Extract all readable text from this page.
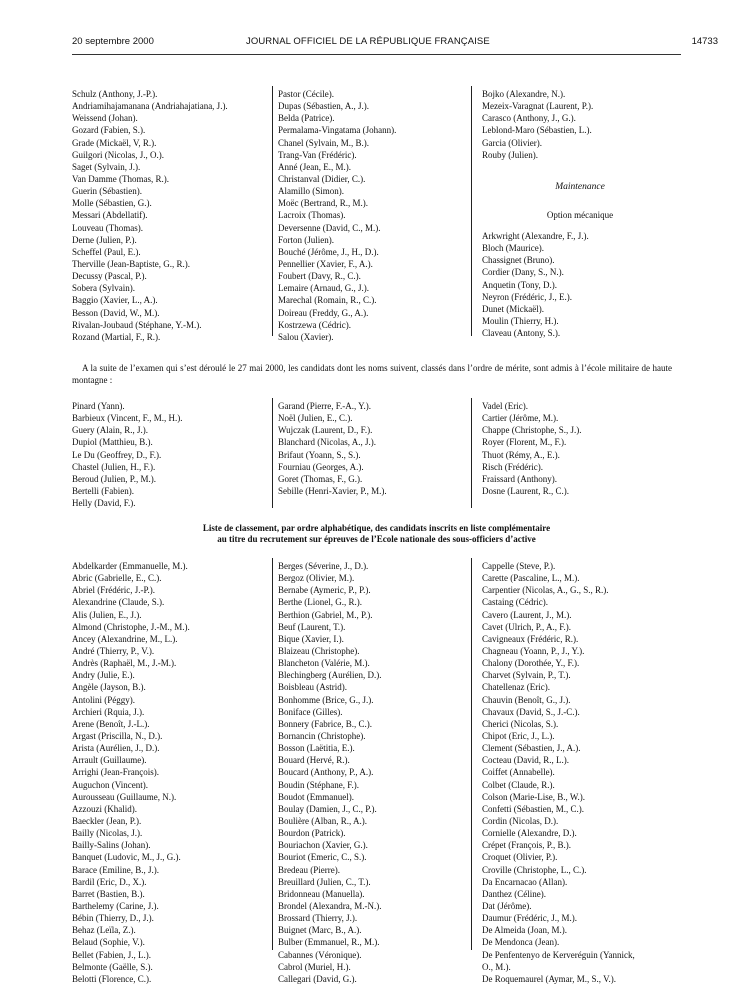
20 septembre 2000	JOURNAL OFFICIEL DE LA RÉPUBLIQUE FRANÇAISE	14733
Schulz (Anthony, J.-P.).
Andriamihajamanana (Andriahajatiana, J.).
Weissend (Johan).
Gozard (Fabien, S.).
Grade (Mickaël, V, R.).
Guilgori (Nicolas, J., O.).
Saget (Sylvain, J.).
Van Damme (Thomas, R.).
Guerin (Sébastien).
Molle (Sébastien, G.).
Messari (Abdellatif).
Louveau (Thomas).
Derne (Julien, P.).
Scheffel (Paul, E.).
Therville (Jean-Baptiste, G., R.).
Decussy (Pascal, P.).
Sobera (Sylvain).
Baggio (Xavier, L., A.).
Besson (David, W., M.).
Rivalan-Joubaud (Stéphane, Y.-M.).
Rozand (Martial, F., R.).
Pastor (Cécile).
Dupas (Sébastien, A., J.).
Belda (Patrice).
Permalama-Vingatama (Johann).
Chanel (Sylvain, M., B.).
Trang-Van (Frédéric).
Anné (Jean, E., M.).
Christanval (Didier, C.).
Alamillo (Simon).
Moëc (Bertrand, R., M.).
Lacroix (Thomas).
Deversenne (David, C., M.).
Forton (Julien).
Bouché (Jérôme, J., H., D.).
Pennellier (Xavier, F., A.).
Foubert (Davy, R., C.).
Lemaire (Arnaud, G., J.).
Marechal (Romain, R., C.).
Doireau (Freddy, G., A.).
Kostrzewa (Cédric).
Salou (Xavier).
Bojko (Alexandre, N.).
Mezeix-Varagnat (Laurent, P.).
Carasco (Anthony, J., G.).
Leblond-Maro (Sébastien, L.).
Garcia (Olivier).
Rouby (Julien).
Maintenance
Option mécanique
Arkwright (Alexandre, F., J.).
Bloch (Maurice).
Chassignet (Bruno).
Cordier (Dany, S., N.).
Anquetin (Tony, D.).
Neyron (Frédéric, J., E.).
Dunet (Mickaël).
Moulin (Thierry, H.).
Claveau (Antony, S.).
A la suite de l’examen qui s’est déroulé le 27 mai 2000, les candidats dont les noms suivent, classés dans l’ordre de mérite, sont admis à l’école militaire de haute montagne :
Pinard (Yann).
Barbieux (Vincent, F., M., H.).
Guery (Alain, R., J.).
Dupiol (Matthieu, B.).
Le Du (Geoffrey, D., F.).
Chastel (Julien, H., F.).
Beroud (Julien, P., M.).
Bertelli (Fabien).
Helly (David, F.).
Garand (Pierre, F.-A., Y.).
Noël (Julien, E., C.).
Wujczak (Laurent, D., F.).
Blanchard (Nicolas, A., J.).
Brifaut (Yoann, S., S.).
Fourniau (Georges, A.).
Goret (Thomas, F., G.).
Sebille (Henri-Xavier, P., M.).
Vadel (Eric).
Cartier (Jérôme, M.).
Chappe (Christophe, S., J.).
Royer (Florent, M., F.).
Thuot (Rémy, A., E.).
Risch (Frédéric).
Fraissard (Anthony).
Dosne (Laurent, R., C.).
Liste de classement, par ordre alphabétique, des candidats inscrits en liste complémentaire
au titre du recrutement sur épreuves de l’Ecole nationale des sous-officiers d’active
Abdelkarder (Emmanuelle, M.).
Abric (Gabrielle, E., C.).
Abriel (Frédéric, J.-P.).
Alexandrine (Claude, S.).
Alis (Julien, E., J.).
Almond (Christophe, J.-M., M.).
Ancey (Alexandrine, M., L.).
André (Thierry, P., V.).
Andrès (Raphaël, M., J.-M.).
Andry (Julie, E.).
Angèle (Jayson, B.).
Antolini (Péggy).
Archieri (Rquia, J.).
Arene (Benoît, J.-L.).
Argast (Priscilla, N., D.).
Arista (Aurélien, J., D.).
Arrault (Guillaume).
Arrighi (Jean-François).
Auguchon (Vincent).
Aurousseau (Guillaume, N.).
Azzouzi (Khalid).
Baeckler (Jean, P.).
Bailly (Nicolas, J.).
Bailly-Salins (Johan).
Banquet (Ludovic, M., J., G.).
Barace (Emiline, B., J.).
Bardil (Eric, D., X.).
Barret (Bastien, B.).
Barthelemy (Carine, J.).
Bébin (Thierry, D., J.).
Behaz (Leïla, Z.).
Belaud (Sophie, V.).
Bellet (Fabien, J., L.).
Belmonte (Gaëlle, S.).
Belotti (Florence, C.).
Berges (Séverine, J., D.).
Bergoz (Olivier, M.).
Bernabe (Aymeric, P., P.).
Berthe (Lionel, G., R.).
Berthion (Gabriel, M., P.).
Beuf (Laurent, T.).
Bique (Xavier, I.).
Blaizeau (Christophe).
Blancheton (Valérie, M.).
Blechingberg (Aurélien, D.).
Boisbleau (Astrid).
Bonhomme (Brice, G., J.).
Boniface (Gilles).
Bonnery (Fabrice, B., C.).
Bornancin (Christophe).
Bosson (Laëtitia, E.).
Bouard (Hervé, R.).
Boucard (Anthony, P., A.).
Boudin (Stéphane, F.).
Boudot (Emmanuel).
Boulay (Damien, J., C., P.).
Boulière (Alban, R., A.).
Bourdon (Patrick).
Bouriachon (Xavier, G.).
Bouriot (Emeric, C., S.).
Bredeau (Pierre).
Breuillard (Julien, C., T.).
Bridonneau (Manuella).
Brondel (Alexandra, M.-N.).
Brossard (Thierry, J.).
Buignet (Marc, B., A.).
Bulber (Emmanuel, R., M.).
Cabannes (Véronique).
Cabrol (Muriel, H.).
Callegari (David, G.).
Cappelle (Steve, P.).
Carette (Pascaline, L., M.).
Carpentier (Nicolas, A., G., S., R.).
Castaing (Cédric).
Cavero (Laurent, J., M.).
Cavet (Ulrich, P., A., F.).
Cavigneaux (Frédéric, R.).
Chagneau (Yoann, P., J., Y.).
Chalony (Dorothée, Y., F.).
Charvet (Sylvain, P., T.).
Chatellenaz (Eric).
Chauvin (Benoît, G., J.).
Chavaux (David, S., J.-C.).
Cherici (Nicolas, S.).
Chipot (Eric, J., L.).
Clement (Sébastien, J., A.).
Cocteau (David, R., L.).
Coiffet (Annabelle).
Colbet (Claude, R.).
Colson (Marie-Lise, B., W.).
Confetti (Sébastien, M., C.).
Cordin (Nicolas, D.).
Cornielle (Alexandre, D.).
Crépet (François, P., B.).
Croquet (Olivier, P.).
Croville (Christophe, L., C.).
Da Encarnacao (Allan).
Danthez (Céline).
Dat (Jérôme).
Daumur (Frédéric, J., M.).
De Almeida (Joan, M.).
De Mendonca (Jean).
De Penfentenyo de Kerveréguin (Yannick,
O., M.).
De Roquemaurel (Aymar, M., S., V.).
